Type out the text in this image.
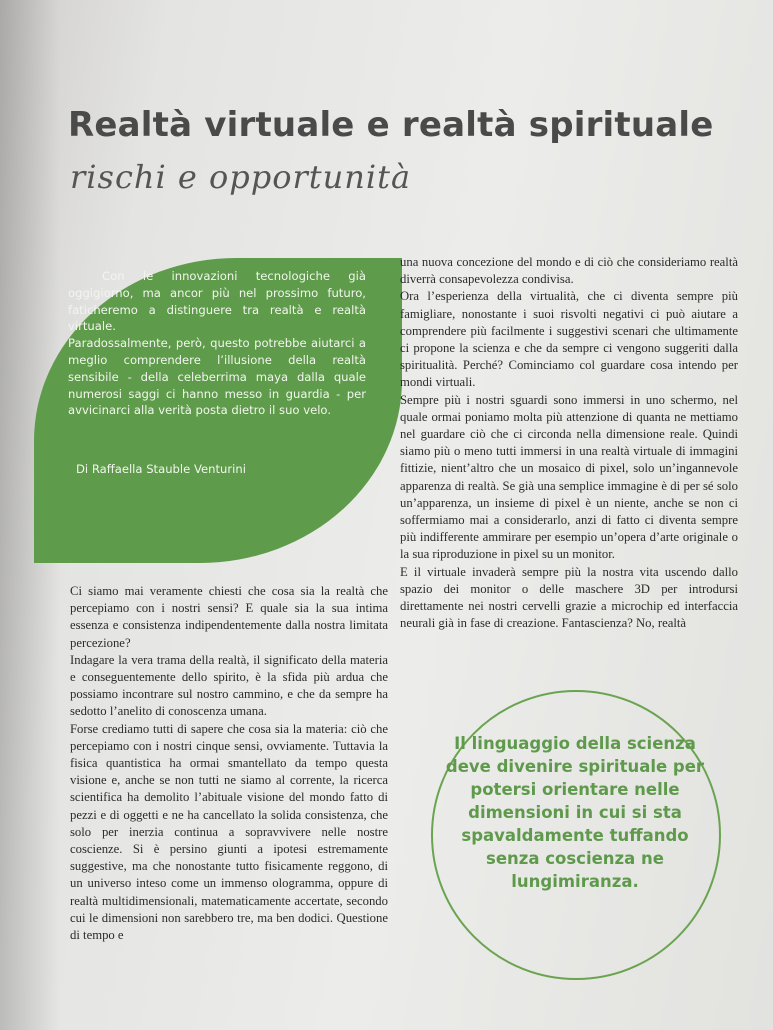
Realtà virtuale e realtà spirituale
rischi e opportunità

Con le innovazioni tecnologiche già oggigiorno, ma ancor più nel prossimo futuro, faticheremo a distinguere tra realtà e realtà virtuale.

Paradossalmente, però, questo potrebbe aiutarci a meglio comprendere l’illusione della realtà sensibile - della celeberrima maya dalla quale numerosi saggi ci hanno messo in guardia - per avvicinarci alla verità posta dietro il suo velo.

Di Raffaella Stauble Venturini

Ci siamo mai veramente chiesti che cosa sia la realtà che percepiamo con i nostri sensi? E quale sia la sua intima essenza e consistenza indipendentemente dalla nostra limitata percezione?

Indagare la vera trama della realtà, il significato della materia e conseguentemente dello spirito, è la sfida più ardua che possiamo incontrare sul nostro cammino, e che da sempre ha sedotto l’anelito di conoscenza umana.

Forse crediamo tutti di sapere che cosa sia la materia: ciò che percepiamo con i nostri cinque sensi, ovviamente. Tuttavia la fisica quantistica ha ormai smantellato da tempo questa visione e, anche se non tutti ne siamo al corrente, la ricerca scientifica ha demolito l’abituale visione del mondo fatto di pezzi e di oggetti e ne ha cancellato la solida consistenza, che solo per inerzia continua a sopravvivere nelle nostre coscienze. Si è persino giunti a ipotesi estremamente suggestive, ma che nonostante tutto fisicamente reggono, di un universo inteso come un immenso ologramma, oppure di realtà multidimensionali, matematicamente accertate, secondo cui le dimensioni non sarebbero tre, ma ben dodici. Questione di tempo e

una nuova concezione del mondo e di ciò che consideriamo realtà diverrà consapevolezza condivisa.

Ora l’esperienza della virtualità, che ci diventa sempre più famigliare, nonostante i suoi risvolti negativi ci può aiutare a comprendere più facilmente i suggestivi scenari che ultimamente ci propone la scienza e che da sempre ci vengono suggeriti dalla spiritualità. Perché? Cominciamo col guardare cosa intendo per mondi virtuali.

Sempre più i nostri sguardi sono immersi in uno schermo, nel quale ormai poniamo molta più attenzione di quanta ne mettiamo nel guardare ciò che ci circonda nella dimensione reale. Quindi siamo più o meno tutti immersi in una realtà virtuale di immagini fittizie, nient’altro che un mosaico di pixel, solo un’ingannevole apparenza di realtà. Se già una semplice immagine è di per sé solo un’apparenza, un insieme di pixel è un niente, anche se non ci soffermiamo mai a considerarlo, anzi di fatto ci diventa sempre più indifferente ammirare per esempio un’opera d’arte originale o la sua riproduzione in pixel su un monitor.

E il virtuale invaderà sempre più la nostra vita uscendo dallo spazio dei monitor o delle maschere 3D per introdursi direttamente nei nostri cervelli grazie a microchip ed interfaccia neurali già in fase di creazione. Fantascienza? No, realtà

Il linguaggio della scienza deve divenire spirituale per potersi orientare nelle dimensioni in cui si sta spavaldamente tuffando senza coscienza ne lungimiranza.
